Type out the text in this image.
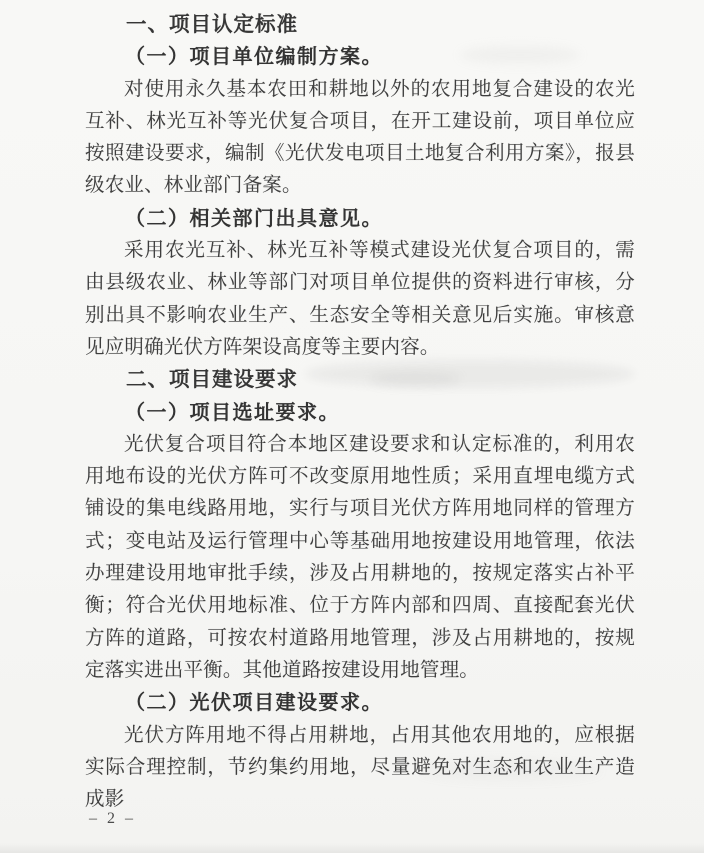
一、项目认定标准
（一）项目单位编制方案。

对使用永久基本农田和耕地以外的农用地复合建设的农光互补、林光互补等光伏复合项目，在开工建设前，项目单位应按照建设要求，编制《光伏发电项目土地复合利用方案》，报县级农业、林业部门备案。

（二）相关部门出具意见。

采用农光互补、林光互补等模式建设光伏复合项目的，需由县级农业、林业等部门对项目单位提供的资料进行审核，分别出具不影响农业生产、生态安全等相关意见后实施。审核意见应明确光伏方阵架设高度等主要内容。

二、项目建设要求
（一）项目选址要求。

光伏复合项目符合本地区建设要求和认定标准的，利用农用地布设的光伏方阵可不改变原用地性质；采用直埋电缆方式铺设的集电线路用地，实行与项目光伏方阵用地同样的管理方式；变电站及运行管理中心等基础用地按建设用地管理，依法办理建设用地审批手续，涉及占用耕地的，按规定落实占补平衡；符合光伏用地标准、位于方阵内部和四周、直接配套光伏方阵的道路，可按农村道路用地管理，涉及占用耕地的，按规定落实进出平衡。其他道路按建设用地管理。

（二）光伏项目建设要求。

光伏方阵用地不得占用耕地，占用其他农用地的，应根据实际合理控制，节约集约用地，尽量避免对生态和农业生产造成影

– 2 –
